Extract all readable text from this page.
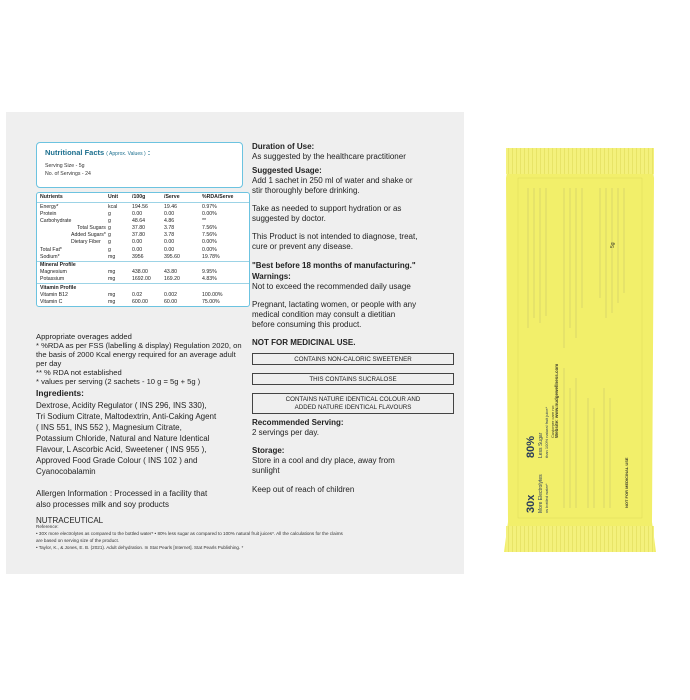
Nutritional Facts ( Approx. Values ) :
Serving Size - 5g
No. of Servings - 24
Nutrients	Unit	/100g	/Serve	%RDA/Serve
Energy*	kcal	194.56	19.46	0.97%
Protein	g	0.00	0.00	0.00%
Carbohydrate	g	48.64	4.86	**
Total Sugars g	37.80	3.78	7.56%
Added Sugars* g	37.80	3.78	7.56%
Dietary Fiber g	0.00	0.00	0.00%
Total Fat*	g	0.00	0.00	0.00%
Sodium*	mg	3956	395.60	19.78%
Mineral Profile
Magnesium	mg	438.00	43.80	9.95%
Potassium	mg	1692.00	169.20	4.83%
Vitamin Profile
Vitamin B12	mg	0.02	0.002	100.00%
Vitamin C	mg	600.00	60.00	75.00%
Appropriate overages added
* %RDA as per FSS (labelling & display) Regulation 2020, on
the basis of 2000 Kcal energy required for an average adult
per day
** % RDA not established
* values per serving (2 sachets - 10 g = 5g + 5g )
Ingredients:
Dextrose, Acidity Regulator ( INS 296, INS 330),
Tri Sodium Citrate, Maltodextrin, Anti-Caking Agent
( INS 551, INS 552 ), Magnesium Citrate,
Potassium Chloride, Natural and Nature Identical
Flavour, L Ascorbic Acid, Sweetener ( INS 955 ),
Approved Food Grade Colour ( INS 102 ) and
Cyanocobalamin
Allergen Information : Processed in a facility that
also processes milk and soy products
NUTRACEUTICAL
Duration of Use:
As suggested by the healthcare practitioner
Suggested Usage:
Add 1 sachet in 250 ml of water and shake or
stir thoroughly before drinking.
Take as needed to support hydration or as
suggested by doctor.
This Product is not intended to diagnose, treat,
cure or prevent any disease.
"Best before 18 months of manufacturing."
Warnings:
Not to exceed the recommended daily usage
Pregnant, lactating women, or people with any
medical condition may consult a dietitian
before consuming this product.
NOT FOR MEDICINAL USE.
CONTAINS NON-CALORIC SWEETENER
THIS CONTAINS SUCRALOSE
CONTAINS NATURE IDENTICAL COLOUR AND
ADDED NATURE IDENTICAL FLAVOURS
Recommended Serving:
2 servings per day.
Storage:
Store in a cool and dry place, away from
sunlight
Keep out of reach of children
Reference:
• 30X more electrolytes as compared to the bottled water* • 80% less sugar as compared to 100% natural fruit juices*. All the calculations for the claims
are based on serving size of the product.
• Taylor, K., & Jones, E. B. (2021). Adult dehydration. In Stat Pearls [Internet]. Stat Pearls Publishing. *
30x More Electrolytes vs bottled water*
80% Less Sugar than 100% natural fruit juice* Website: www.nudgewellness.com
Customer care no:
NOT FOR MEDICINAL USE
5g
